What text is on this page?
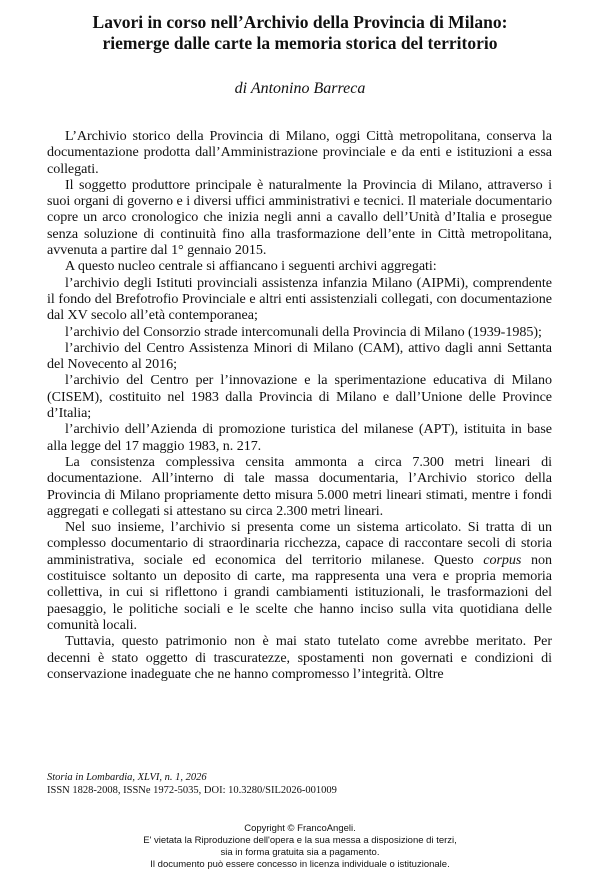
Lavori in corso nell’Archivio della Provincia di Milano:
riemerge dalle carte la memoria storica del territorio
di Antonino Barreca

L’Archivio storico della Provincia di Milano, oggi Città metropolitana, conserva la documentazione prodotta dall’Amministrazione provinciale e da enti e istituzioni a essa collegati.

Il soggetto produttore principale è naturalmente la Provincia di Milano, attraverso i suoi organi di governo e i diversi uffici amministrativi e tecnici. Il materiale documentario copre un arco cronologico che inizia negli anni a cavallo dell’Unità d’Italia e prosegue senza soluzione di continuità fino alla trasformazione dell’ente in Città metropolitana, avvenuta a partire dal 1° gennaio 2015.

A questo nucleo centrale si affiancano i seguenti archivi aggregati:

l’archivio degli Istituti provinciali assistenza infanzia Milano (AIPMi), comprendente il fondo del Brefotrofio Provinciale e altri enti assistenziali collegati, con documentazione dal XV secolo all’età contemporanea;

l’archivio del Consorzio strade intercomunali della Provincia di Milano (1939-1985);

l’archivio del Centro Assistenza Minori di Milano (CAM), attivo dagli anni Settanta del Novecento al 2016;

l’archivio del Centro per l’innovazione e la sperimentazione educativa di Milano (CISEM), costituito nel 1983 dalla Provincia di Milano e dall’Unione delle Province d’Italia;

l’archivio dell’Azienda di promozione turistica del milanese (APT), istituita in base alla legge del 17 maggio 1983, n. 217.

La consistenza complessiva censita ammonta a circa 7.300 metri lineari di documentazione. All’interno di tale massa documentaria, l’Archivio storico della Provincia di Milano propriamente detto misura 5.000 metri lineari stimati, mentre i fondi aggregati e collegati si attestano su circa 2.300 metri lineari.

Nel suo insieme, l’archivio si presenta come un sistema articolato. Si tratta di un complesso documentario di straordinaria ricchezza, capace di raccontare secoli di storia amministrativa, sociale ed economica del territorio milanese. Questo corpus non costituisce soltanto un deposito di carte, ma rappresenta una vera e propria memoria collettiva, in cui si riflettono i grandi cambiamenti istituzionali, le trasformazioni del paesaggio, le politiche sociali e le scelte che hanno inciso sulla vita quotidiana delle comunità locali.

Tuttavia, questo patrimonio non è mai stato tutelato come avrebbe meritato. Per decenni è stato oggetto di trascuratezze, spostamenti non governati e condizioni di conservazione inadeguate che ne hanno compromesso l’integrità. Oltre

Storia in Lombardia, XLVI, n. 1, 2026
ISSN 1828-2008, ISSNe 1972-5035, DOI: 10.3280/SIL2026-001009
Copyright © FrancoAngeli.
E' vietata la Riproduzione dell'opera e la sua messa a disposizione di terzi,
sia in forma gratuita sia a pagamento.
Il documento può essere concesso in licenza individuale o istituzionale.
